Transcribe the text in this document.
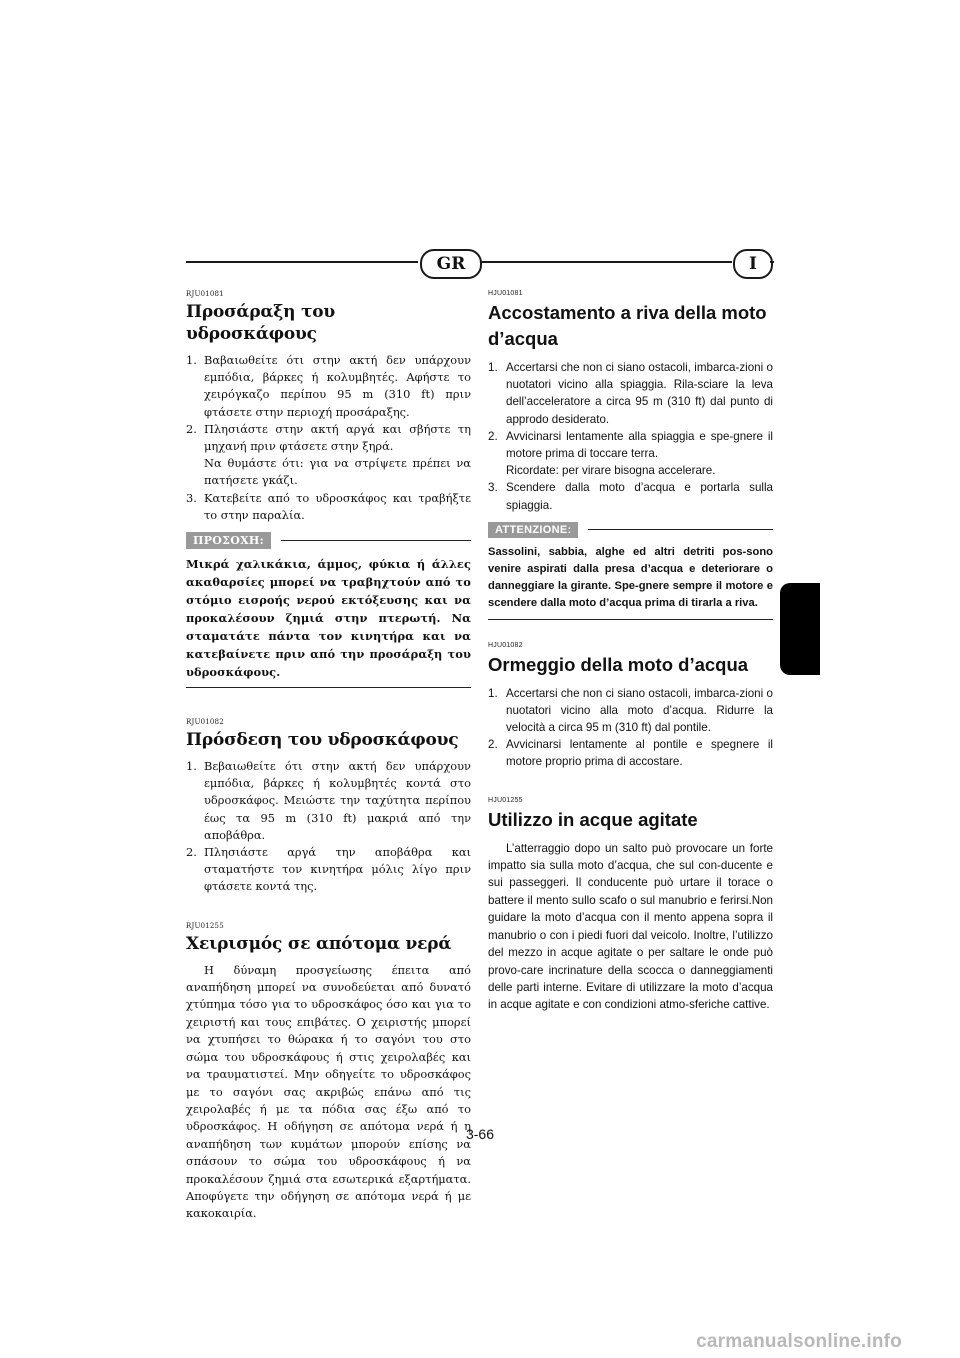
GR	I
RJU01081
Προσάραξη του υδροσκάφους
1. Βαβαιωθείτε ότι στην ακτή δεν υπάρχουν εμπόδια, βάρκες ή κολυμβητές. Αφήστε το χειρόγκαζο περίπου 95 m (310 ft) πριν φτάσετε στην περιοχή προσάραξης.
2. Πλησιάστε στην ακτή αργά και σβήστε τη μηχανή πριν φτάσετε στην ξηρά.
Να θυμάστε ότι: για να στρίψετε πρέπει να πατήσετε γκάζι.
3. Κατεβείτε από το υδροσκάφος και τραβήξτε το στην παραλία.
ΠΡΟΣΟΧΗ:
Μικρά χαλικάκια, άμμος, φύκια ή άλλες ακαθαρσίες μπορεί να τραβηχτούν από το στόμιο εισροής νερού εκτόξευσης και να προκαλέσουν ζημιά στην πτερωτή. Να σταματάτε πάντα τον κινητήρα και να κατεβαίνετε πριν από την προσάραξη του υδροσκάφους.
RJU01082
Πρόσδεση του υδροσκάφους
1. Βεβαιωθείτε ότι στην ακτή δεν υπάρχουν εμπόδια, βάρκες ή κολυμβητές κοντά στο υδροσκάφος. Μειώστε την ταχύτητα περίπου έως τα 95 m (310 ft) μακριά από την αποβάθρα.
2. Πλησιάστε αργά την αποβάθρα και σταματήστε τον κινητήρα μόλις λίγο πριν φτάσετε κοντά της.
RJU01255
Χειρισμός σε απότομα νερά

Η δύναμη προσγείωσης έπειτα από αναπήδηση μπορεί να συνοδεύεται από δυνατό χτύπημα τόσο για το υδροσκάφος όσο και για το χειριστή και τους επιβάτες. Ο χειριστής μπορεί να χτυπήσει το θώρακα ή το σαγόνι του στο σώμα του υδροσκάφους ή στις χειρολαβές και να τραυματιστεί. Μην οδηγείτε το υδροσκάφος με το σαγόνι σας ακριβώς επάνω από τις χειρολαβές ή με τα πόδια σας έξω από το υδροσκάφος. Η οδήγηση σε απότομα νερά ή η αναπήδηση των κυμάτων μπορούν επίσης να σπάσουν το σώμα του υδροσκάφους ή να προκαλέσουν ζημιά στα εσωτερικά εξαρτήματα. Αποφύγετε την οδήγηση σε απότομα νερά ή με κακοκαιρία.

HJU01081
Accostamento a riva della moto d’acqua
1. Accertarsi che non ci siano ostacoli, imbarca-zioni o nuotatori vicino alla spiaggia. Rila-sciare la leva dell’acceleratore a circa 95 m (310 ft) dal punto di approdo desiderato.
2. Avvicinarsi lentamente alla spiaggia e spe-gnere il motore prima di toccare terra.
Ricordate: per virare bisogna accelerare.
3. Scendere dalla moto d’acqua e portarla sulla spiaggia.
ATTENZIONE:
Sassolini, sabbia, alghe ed altri detriti pos-sono venire aspirati dalla presa d’acqua e deteriorare o danneggiare la girante. Spe-gnere sempre il motore e scendere dalla moto d’acqua prima di tirarla a riva.
HJU01082
Ormeggio della moto d’acqua
1. Accertarsi che non ci siano ostacoli, imbarca-zioni o nuotatori vicino alla moto d’acqua. Ridurre la velocità a circa 95 m (310 ft) dal pontile.
2. Avvicinarsi lentamente al pontile e spegnere il motore proprio prima di accostare.
HJU01255
Utilizzo in acque agitate

L’atterraggio dopo un salto può provocare un forte impatto sia sulla moto d’acqua, che sul con-ducente e sui passeggeri. Il conducente può urtare il torace o battere il mento sullo scafo o sul manubrio e ferirsi.Non guidare la moto d’acqua con il mento appena sopra il manubrio o con i piedi fuori dal veicolo. Inoltre, l’utilizzo del mezzo in acque agitate o per saltare le onde può provo-care incrinature della scocca o danneggiamenti delle parti interne. Evitare di utilizzare la moto d’acqua in acque agitate e con condizioni atmo-sferiche cattive.

3-66
carmanualsonline.info
